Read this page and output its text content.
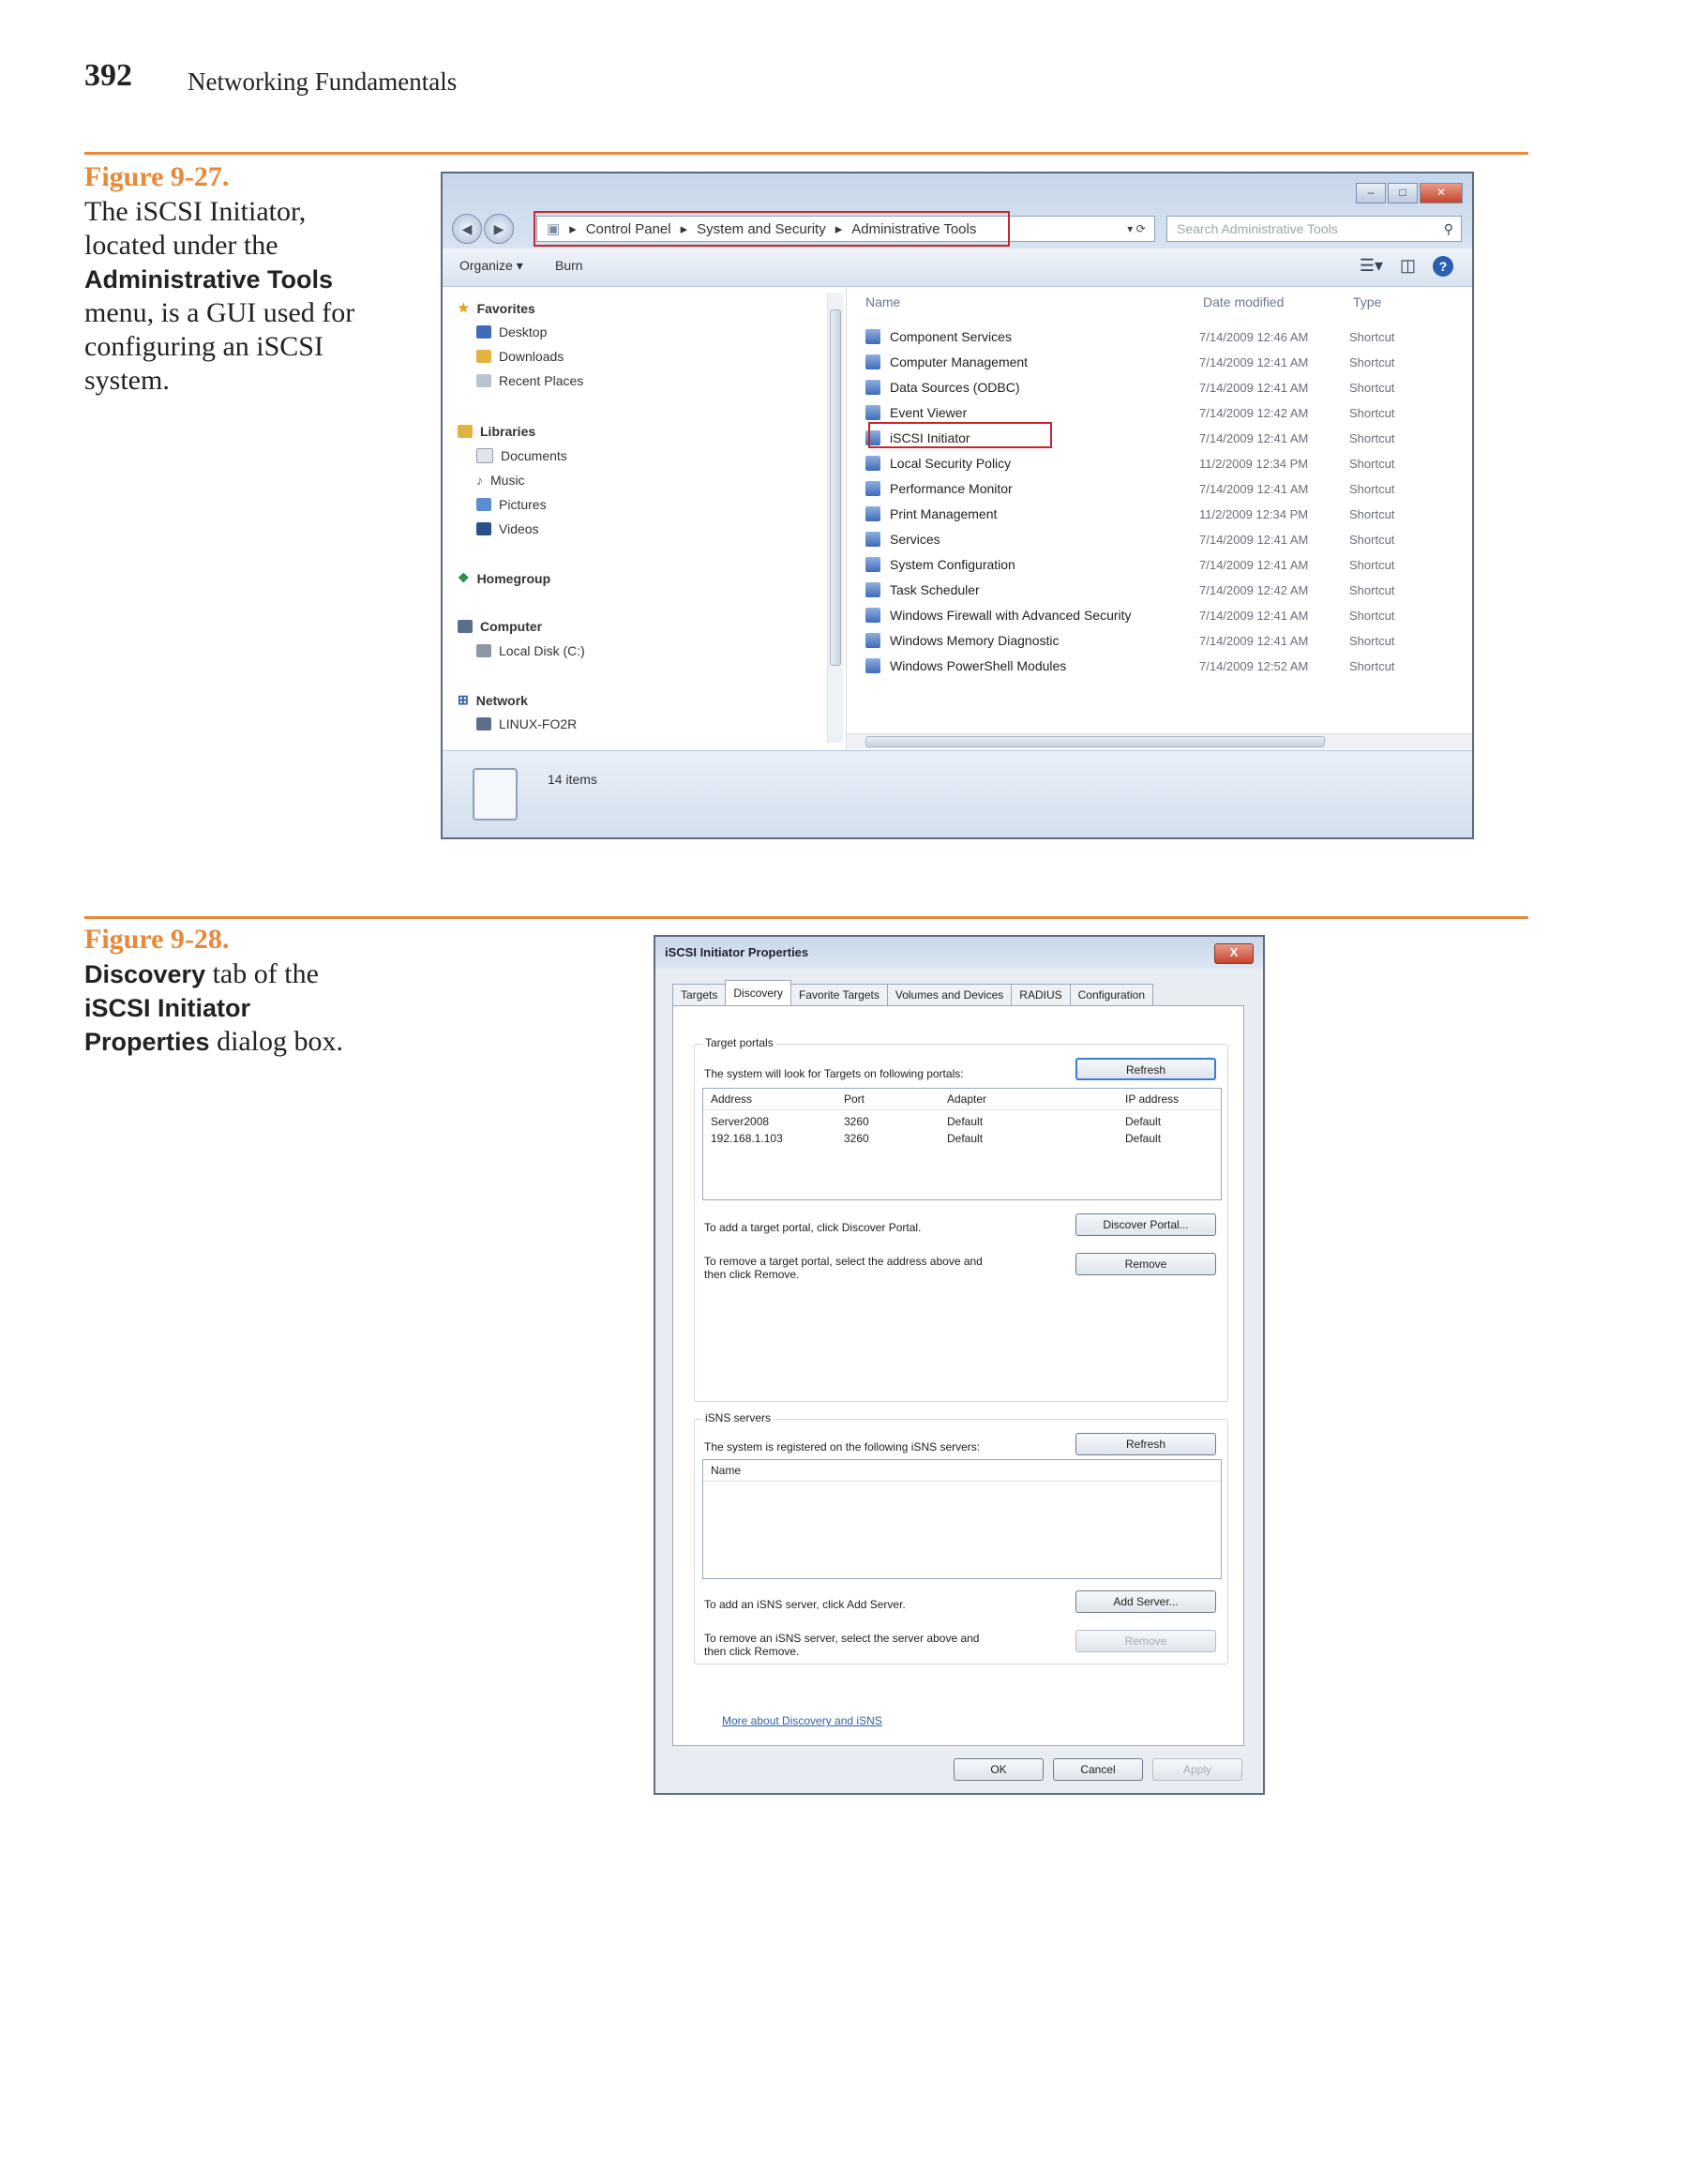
392 Networking Fundamentals
Figure 9-27.
The iSCSI Initiator, located under the Administrative Tools menu, is a GUI used for configuring an iSCSI system.
–	□	✕
◀	▶	▣ ▸ Control Panel ▸ System and Security ▸ Administrative Tools	▾ ⟳	Search Administrative Tools	⚲
Organize ▾ Burn	☰▾ ◫	?
★ Favorites
Desktop
Downloads
Recent Places
Libraries
Documents
♪ Music
Pictures
Videos
❖ Homegroup
Computer
Local Disk (C:)
⊞ Network
LINUX-FO2R
Name	Date modified	Type
Component Services	7/14/2009 12:46 AM	Shortcut
Computer Management	7/14/2009 12:41 AM	Shortcut
Data Sources (ODBC)	7/14/2009 12:41 AM	Shortcut
Event Viewer	7/14/2009 12:42 AM	Shortcut
iSCSI Initiator	7/14/2009 12:41 AM	Shortcut
Local Security Policy	11/2/2009 12:34 PM	Shortcut
Performance Monitor	7/14/2009 12:41 AM	Shortcut
Print Management	11/2/2009 12:34 PM	Shortcut
Services	7/14/2009 12:41 AM	Shortcut
System Configuration	7/14/2009 12:41 AM	Shortcut
Task Scheduler	7/14/2009 12:42 AM	Shortcut
Windows Firewall with Advanced Security	7/14/2009 12:41 AM	Shortcut
Windows Memory Diagnostic	7/14/2009 12:41 AM	Shortcut
Windows PowerShell Modules	7/14/2009 12:52 AM	Shortcut
14 items
Figure 9-28.
Discovery tab of the iSCSI Initiator Properties dialog box.
iSCSI Initiator Properties	X
Targets	Discovery	Favorite Targets	Volumes and Devices	RADIUS	Configuration
Target portals
The system will look for Targets on following portals:	Refresh
Address	Port	Adapter	IP address
Server2008	3260	Default	Default
192.168.1.103	3260	Default	Default
To add a target portal, click Discover Portal.	Discover Portal...
To remove a target portal, select the address above and
then click Remove.
Remove
iSNS servers
The system is registered on the following iSNS servers:	Refresh
Name
To add an iSNS server, click Add Server.	Add Server...
To remove an iSNS server, select the server above and
then click Remove.
Remove
More about Discovery and iSNS
OK	Cancel	Apply
